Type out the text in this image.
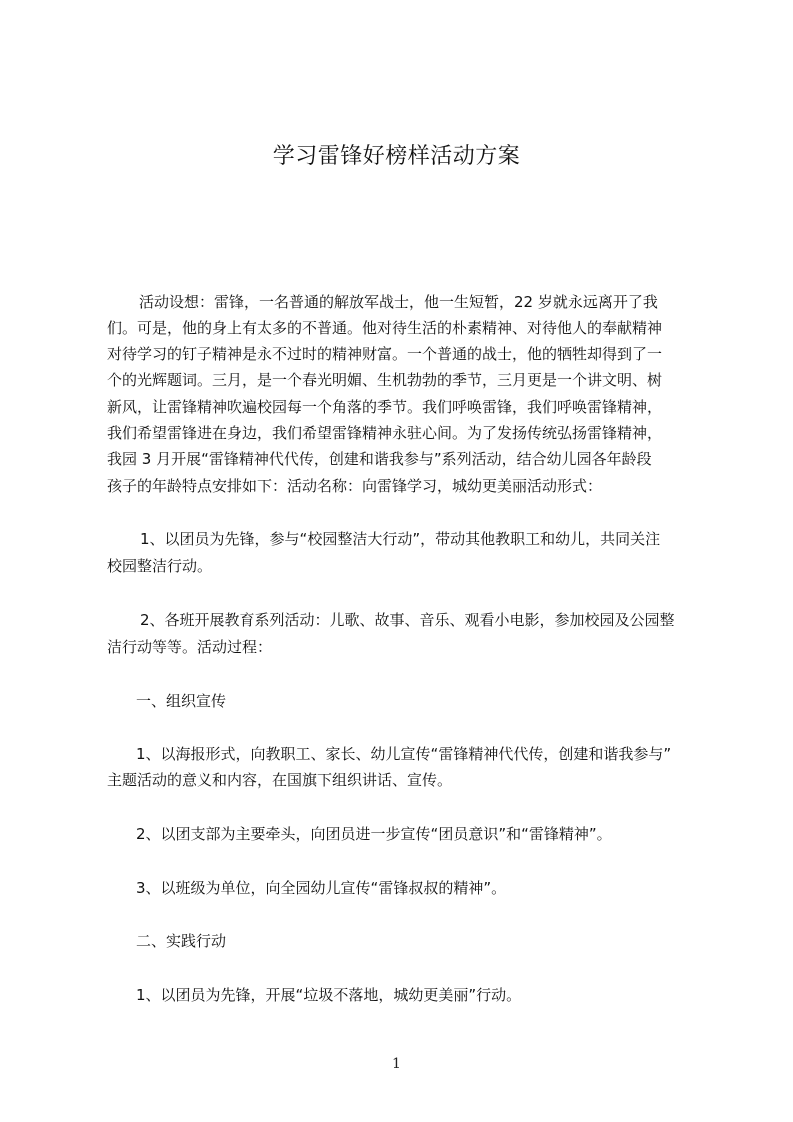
学习雷锋好榜样活动方案
活动设想：雷锋，一名普通的解放军战士，他一生短暂，22 岁就永远离开了我
们。可是，他的身上有太多的不普通。他对待生活的朴素精神、对待他人的奉献精神
对待学习的钉子精神是永不过时的精神财富。一个普通的战士，他的牺牲却得到了一
个的光辉题词。三月，是一个春光明媚、生机勃勃的季节，三月更是一个讲文明、树
新风，让雷锋精神吹遍校园每一个角落的季节。我们呼唤雷锋，我们呼唤雷锋精神，
我们希望雷锋进在身边，我们希望雷锋精神永驻心间。为了发扬传统弘扬雷锋精神，
我园 3 月开展“雷锋精神代代传，创建和谐我参与”系列活动，结合幼儿园各年龄段
孩子的年龄特点安排如下：活动名称：向雷锋学习，城幼更美丽活动形式：
1、以团员为先锋，参与“校园整洁大行动”，带动其他教职工和幼儿，共同关注
校园整洁行动。
2、各班开展教育系列活动：儿歌、故事、音乐、观看小电影，参加校园及公园整
洁行动等等。活动过程：
一、组织宣传
1、以海报形式，向教职工、家长、幼儿宣传“雷锋精神代代传，创建和谐我参与”
主题活动的意义和内容，在国旗下组织讲话、宣传。
2、以团支部为主要牵头，向团员进一步宣传“团员意识”和“雷锋精神”。
3、以班级为单位，向全园幼儿宣传“雷锋叔叔的精神”。
二、实践行动
1、以团员为先锋，开展“垃圾不落地，城幼更美丽”行动。
1
